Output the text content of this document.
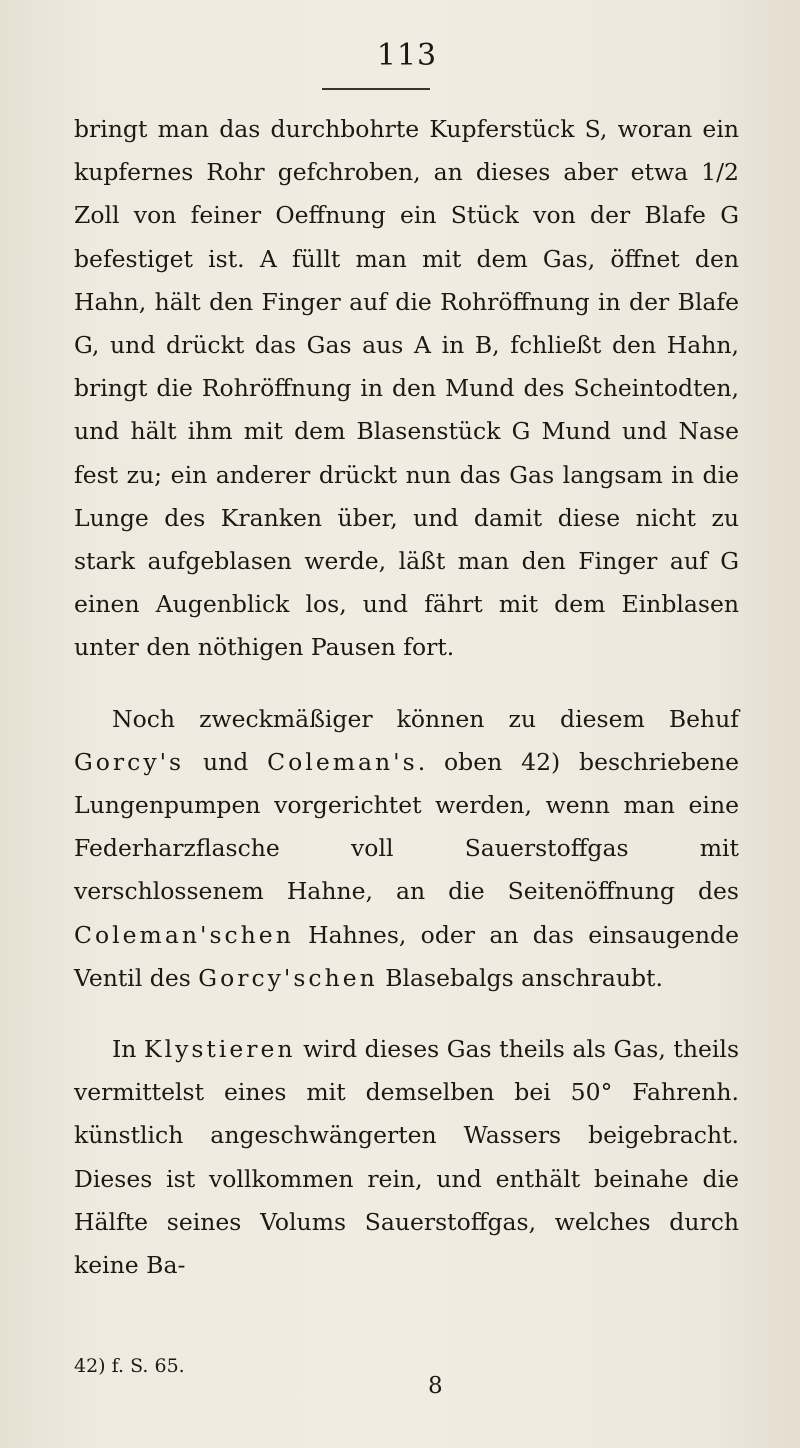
113

bringt man das durchbohrte Kupferstück S, woran ein kupfernes Rohr gefchroben, an dieses aber etwa 1/2 Zoll von feiner Oeffnung ein Stück von der Blafe G befestiget ist. A füllt man mit dem Gas, öffnet den Hahn, hält den Finger auf die Rohröffnung in der Blafe G, und drückt das Gas aus A in B, fchließt den Hahn, bringt die Rohröffnung in den Mund des Scheintodten, und hält ihm mit dem Blasenstück G Mund und Nase fest zu; ein anderer drückt nun das Gas langsam in die Lunge des Kranken über, und damit diese nicht zu stark aufgeblasen werde, läßt man den Finger auf G einen Augenblick los, und fährt mit dem Einblasen unter den nöthigen Pausen fort.

Noch zweckmäßiger können zu diesem Behuf Gorcy's und Coleman's. oben 42) beschriebene Lungenpumpen vorgerichtet werden, wenn man eine Federharzflasche voll Sauerstoffgas mit verschlossenem Hahne, an die Seitenöffnung des Coleman'schen Hahnes, oder an das einsaugende Ventil des Gorcy'schen Blasebalgs anschraubt.

In Klystieren wird dieses Gas theils als Gas, theils vermittelst eines mit demselben bei 50° Fahrenh. künstlich angeschwängerten Wassers beigebracht. Dieses ist vollkommen rein, und enthält beinahe die Hälfte seines Volums Sauerstoffgas, welches durch keine Ba-

42) f. S. 65.
8
